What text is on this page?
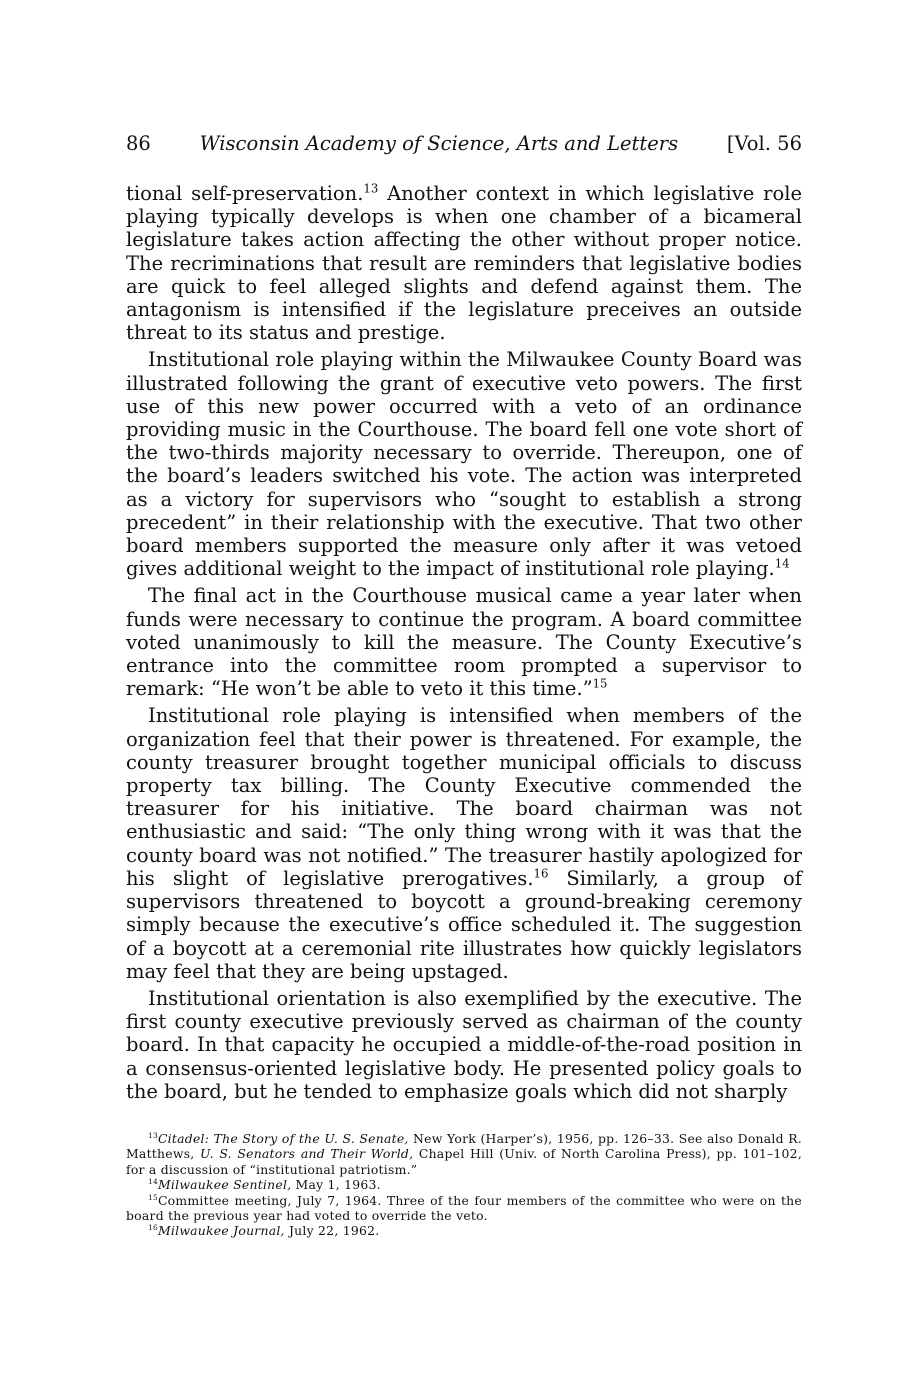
86	Wisconsin Academy of Science, Arts and Letters	[Vol. 56

tional self-preservation.$^{13}$ Another context in which legislative role playing typically develops is when one chamber of a bicameral legislature takes action affecting the other without proper notice. The recriminations that result are reminders that legislative bodies are quick to feel alleged slights and defend against them. The antagonism is intensified if the legislature preceives an outside threat to its status and prestige.

Institutional role playing within the Milwaukee County Board was illustrated following the grant of executive veto powers. The first use of this new power occurred with a veto of an ordinance providing music in the Courthouse. The board fell one vote short of the two-thirds majority necessary to override. Thereupon, one of the board’s leaders switched his vote. The action was interpreted as a victory for supervisors who “sought to establish a strong precedent” in their relationship with the executive. That two other board members supported the measure only after it was vetoed gives additional weight to the impact of institutional role playing.$^{14}$

The final act in the Courthouse musical came a year later when funds were necessary to continue the program. A board committee voted unanimously to kill the measure. The County Executive’s entrance into the committee room prompted a supervisor to remark: “He won’t be able to veto it this time.”$^{15}$

Institutional role playing is intensified when members of the organization feel that their power is threatened. For example, the county treasurer brought together municipal officials to discuss property tax billing. The County Executive commended the treasurer for his initiative. The board chairman was not enthusiastic and said: “The only thing wrong with it was that the county board was not notified.” The treasurer hastily apologized for his slight of legislative prerogatives.$^{16}$ Similarly, a group of supervisors threatened to boycott a ground-breaking ceremony simply because the executive’s office scheduled it. The suggestion of a boycott at a ceremonial rite illustrates how quickly legislators may feel that they are being upstaged.

Institutional orientation is also exemplified by the executive. The first county executive previously served as chairman of the county board. In that capacity he occupied a middle-of-the-road position in a consensus-oriented legislative body. He presented policy goals to the board, but he tended to emphasize goals which did not sharply

$^{13}$Citadel: The Story of the U. S. Senate, New York (Harper’s), 1956, pp. 126–33. See also Donald R. Matthews, U. S. Senators and Their World, Chapel Hill (Univ. of North Carolina Press), pp. 101–102, for a discussion of “institutional patriotism.”

$^{14}$Milwaukee Sentinel, May 1, 1963.

$^{15}$Committee meeting, July 7, 1964. Three of the four members of the committee who were on the board the previous year had voted to override the veto.

$^{16}$Milwaukee Journal, July 22, 1962.
